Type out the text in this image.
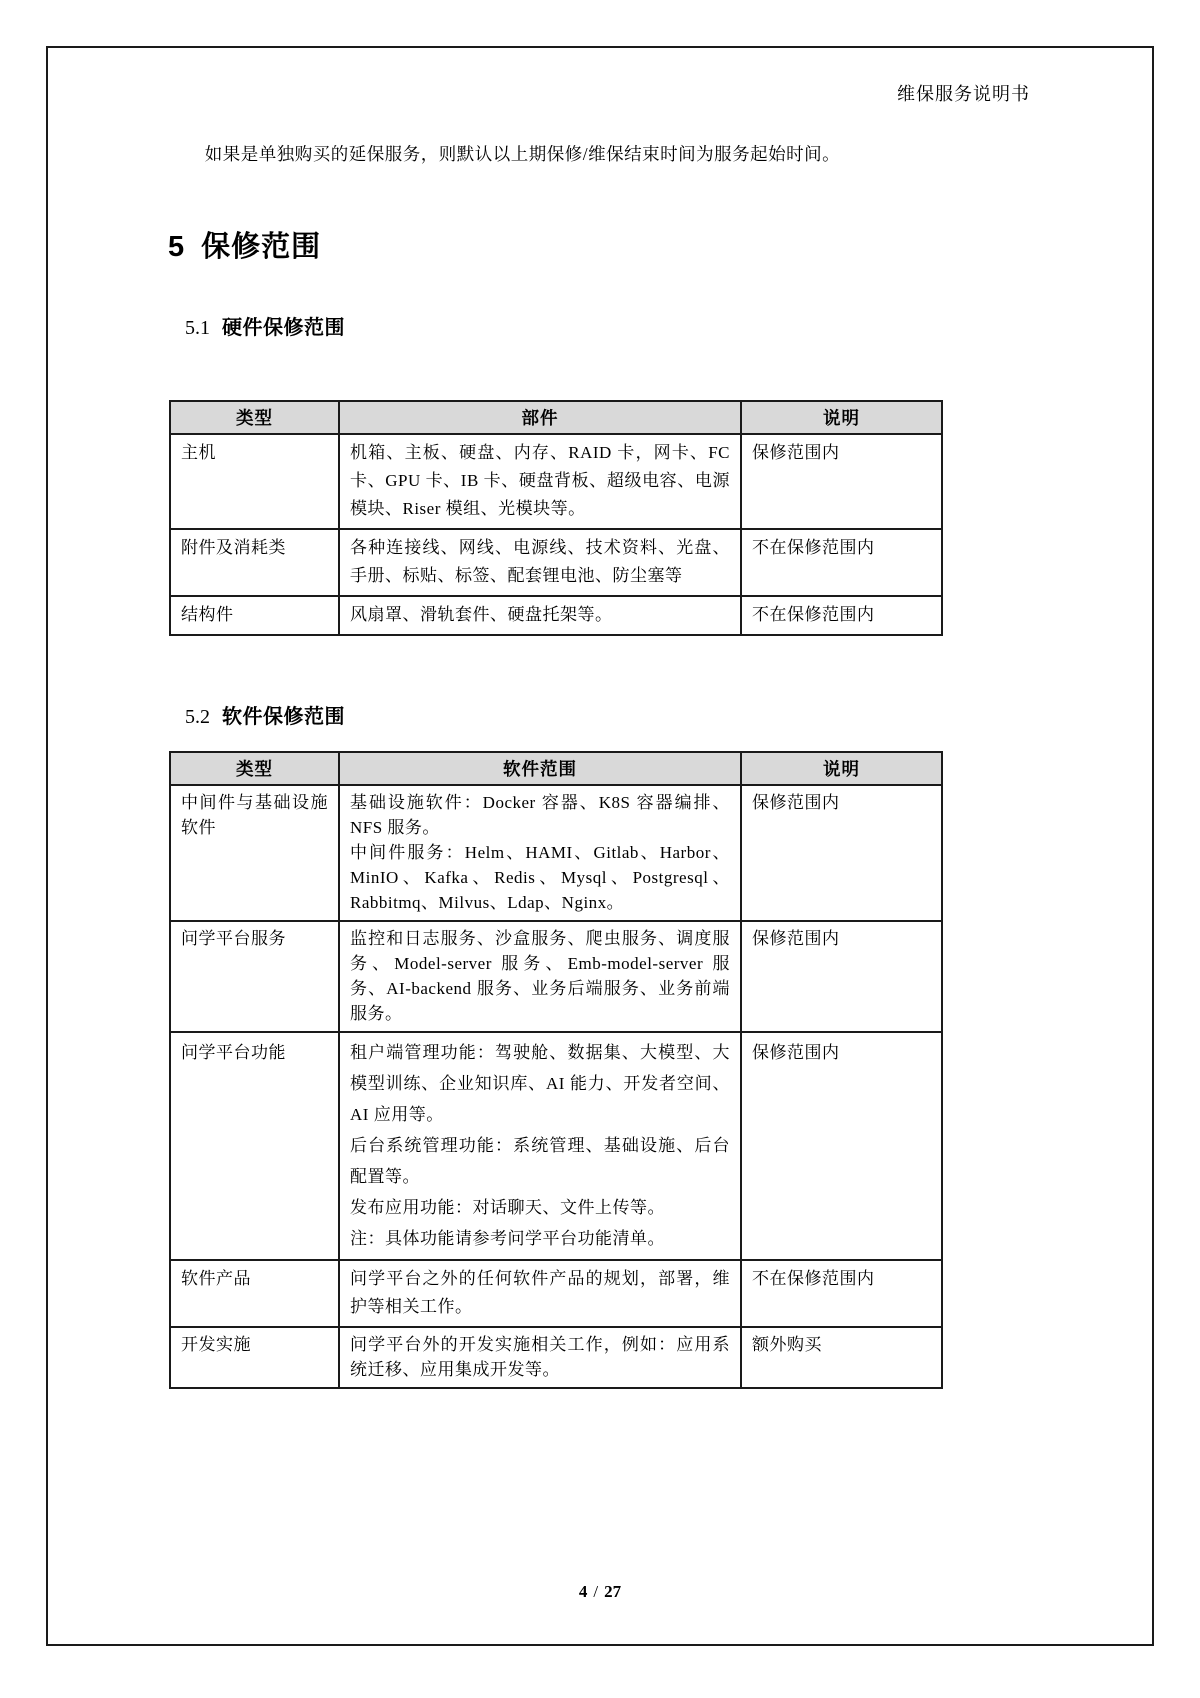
维保服务说明书

如果是单独购买的延保服务，则默认以上期保修/维保结束时间为服务起始时间。

5 保修范围
5.1 硬件保修范围
类型	部件	说明
主机	机箱、主板、硬盘、内存、RAID 卡，网卡、FC 卡、GPU 卡、IB 卡、硬盘背板、超级电容、电源模块、Riser 模组、光模块等。	保修范围内
附件及消耗类	各种连接线、网线、电源线、技术资料、光盘、手册、标贴、标签、配套锂电池、防尘塞等	不在保修范围内
结构件	风扇罩、滑轨套件、硬盘托架等。	不在保修范围内
5.2 软件保修范围
类型	软件范围	说明
中间件与基础设施软件	基础设施软件：Docker 容器、K8S 容器编排、NFS 服务。
中间件服务：Helm、HAMI、Gitlab、Harbor、MinIO、Kafka、Redis、Mysql、Postgresql、Rabbitmq、Milvus、Ldap、Nginx。	保修范围内
问学平台服务	监控和日志服务、沙盒服务、爬虫服务、调度服务、Model-server 服务、Emb-model-server 服务、AI-backend 服务、业务后端服务、业务前端服务。	保修范围内
问学平台功能	租户端管理功能：驾驶舱、数据集、大模型、大模型训练、企业知识库、AI 能力、开发者空间、AI 应用等。
后台系统管理功能：系统管理、基础设施、后台配置等。
发布应用功能：对话聊天、文件上传等。
注：具体功能请参考问学平台功能清单。	保修范围内
软件产品	问学平台之外的任何软件产品的规划，部署，维护等相关工作。	不在保修范围内
开发实施	问学平台外的开发实施相关工作，例如：应用系统迁移、应用集成开发等。	额外购买
4 / 27
